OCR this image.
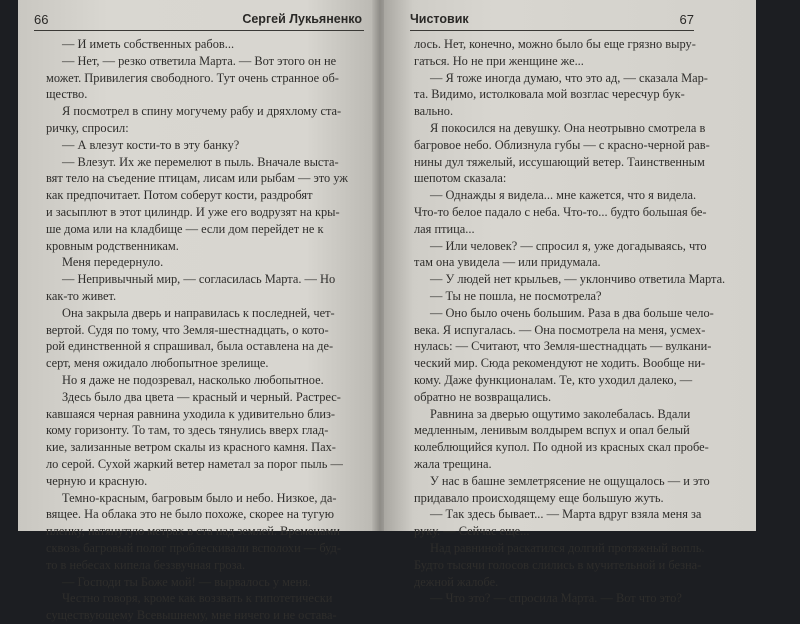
66	Сергей Лукьяненко
— И иметь собственных рабов...
— Нет, — резко ответила Марта. — Вот этого он не
может. Привилегия свободного. Тут очень странное об-
щество.
Я посмотрел в спину могучему рабу и дряхлому ста-
ричку, спросил:
— А влезут кости-то в эту банку?
— Влезут. Их же перемелют в пыль. Вначале выста-
вят тело на съедение птицам, лисам или рыбам — это уж
как предпочитает. Потом соберут кости, раздробят
и засыплют в этот цилиндр. И уже его водрузят на кры-
ше дома или на кладбище — если дом перейдет не к
кровным родственникам.
Меня передернуло.
— Непривычный мир, — согласилась Марта. — Но
как-то живет.
Она закрыла дверь и направилась к последней, чет-
вертой. Судя по тому, что Земля-шестнадцать, о кото-
рой единственной я спрашивал, была оставлена на де-
серт, меня ожидало любопытное зрелище.
Но я даже не подозревал, насколько любопытное.
Здесь было два цвета — красный и черный. Растрес-
кавшаяся черная равнина уходила к удивительно близ-
кому горизонту. То там, то здесь тянулись вверх глад-
кие, зализанные ветром скалы из красного камня. Пах-
ло серой. Сухой жаркий ветер наметал за порог пыль —
черную и красную.
Темно-красным, багровым было и небо. Низкое, да-
вящее. На облака это не было похоже, скорее на тугую
пленку, натянутую метрах в ста над землей. Временами
сквозь багровый полог проблескивали всполохи — буд-
то в небесах кипела беззвучная гроза.
— Господи ты Боже мой! — вырвалось у меня.
Честно говоря, кроме как воззвать к гипотетически
существующему Всевышнему, мне ничего и не остава-
Чистовик	67
лось. Нет, конечно, можно было бы еще грязно выру-
гаться. Но не при женщине же...
— Я тоже иногда думаю, что это ад, — сказала Мар-
та. Видимо, истолковала мой возглас чересчур бук-
вально.
Я покосился на девушку. Она неотрывно смотрела в
багровое небо. Облизнула губы — с красно-черной рав-
нины дул тяжелый, иссушающий ветер. Таинственным
шепотом сказала:
— Однажды я видела... мне кажется, что я видела.
Что-то белое падало с неба. Что-то... будто большая бе-
лая птица...
— Или человек? — спросил я, уже догадываясь, что
там она увидела — или придумала.
— У людей нет крыльев, — уклончиво ответила Марта.
— Ты не пошла, не посмотрела?
— Оно было очень большим. Раза в два больше чело-
века. Я испугалась. — Она посмотрела на меня, усмех-
нулась: — Считают, что Земля-шестнадцать — вулкани-
ческий мир. Сюда рекомендуют не ходить. Вообще ни-
кому. Даже функционалам. Те, кто уходил далеко, —
обратно не возвращались.
Равнина за дверью ощутимо заколебалась. Вдали
медленным, ленивым волдырем вспух и опал белый
колеблющийся купол. По одной из красных скал пробе-
жала трещина.
У нас в башне землетрясение не ощущалось — и это
придавало происходящему еще большую жуть.
— Так здесь бывает... — Марта вдруг взяла меня за
руку. — Сейчас еще...
Над равниной раскатился долгий протяжный вопль.
Будто тысячи голосов слились в мучительной и безна-
дежной жалобе.
— Что это? — спросила Марта. — Вот что это?
